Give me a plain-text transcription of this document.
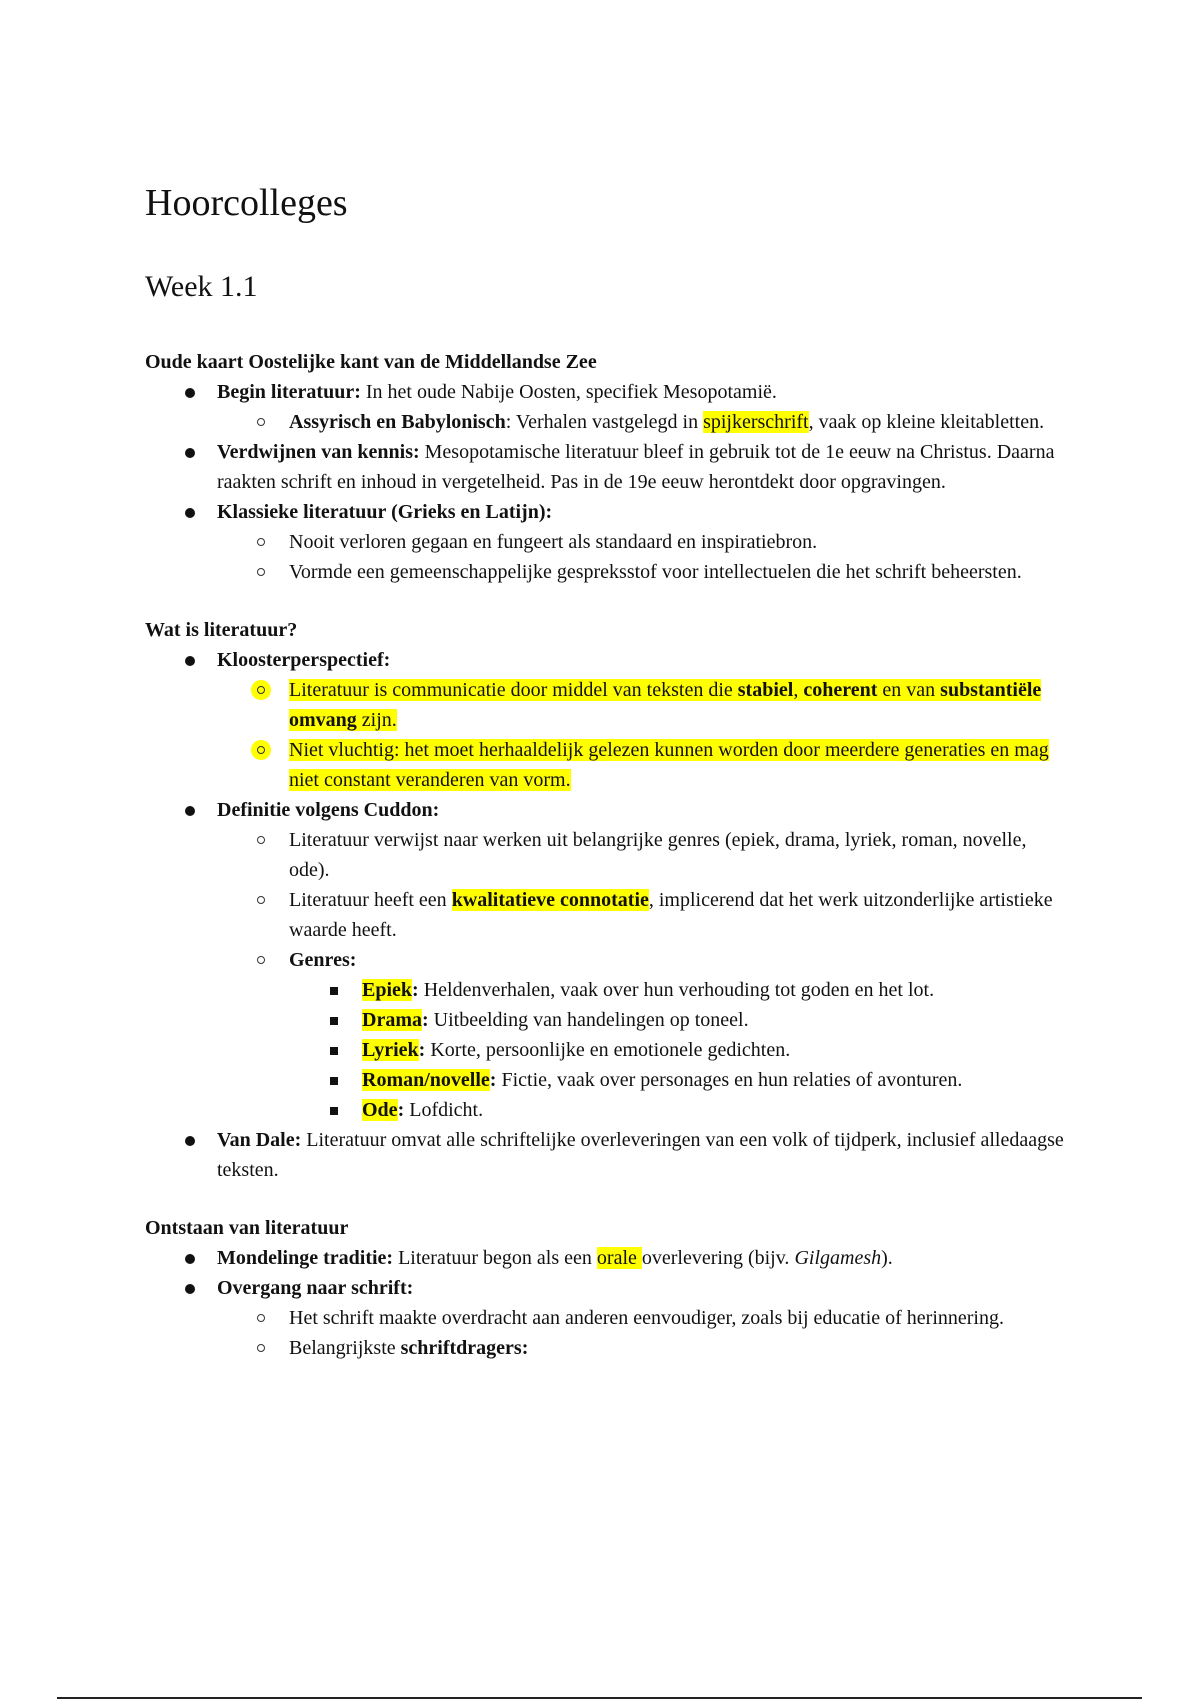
Hoorcolleges
Week 1.1

Oude kaart Oostelijke kant van de Middellandse Zee

Begin literatuur: In het oude Nabije Oosten, specifiek Mesopotamië.
Assyrisch en Babylonisch: Verhalen vastgelegd in spijkerschrift, vaak op kleine kleitabletten.
Verdwijnen van kennis: Mesopotamische literatuur bleef in gebruik tot de 1e eeuw na Christus. Daarna raakten schrift en inhoud in vergetelheid. Pas in de 19e eeuw herontdekt door opgravingen.
Klassieke literatuur (Grieks en Latijn):
Nooit verloren gegaan en fungeert als standaard en inspiratiebron.
Vormde een gemeenschappelijke gespreksstof voor intellectuelen die het schrift beheersten.

Wat is literatuur?

Kloosterperspectief:
Literatuur is communicatie door middel van teksten die stabiel, coherent en van substantiële omvang zijn.
Niet vluchtig: het moet herhaaldelijk gelezen kunnen worden door meerdere generaties en mag niet constant veranderen van vorm.
Definitie volgens Cuddon:
Literatuur verwijst naar werken uit belangrijke genres (epiek, drama, lyriek, roman, novelle, ode).
Literatuur heeft een kwalitatieve connotatie, implicerend dat het werk uitzonderlijke artistieke waarde heeft.
Genres:
Epiek: Heldenverhalen, vaak over hun verhouding tot goden en het lot.
Drama: Uitbeelding van handelingen op toneel.
Lyriek: Korte, persoonlijke en emotionele gedichten.
Roman/novelle: Fictie, vaak over personages en hun relaties of avonturen.
Ode: Lofdicht.
Van Dale: Literatuur omvat alle schriftelijke overleveringen van een volk of tijdperk, inclusief alledaagse teksten.

Ontstaan van literatuur

Mondelinge traditie: Literatuur begon als een orale overlevering (bijv. Gilgamesh).
Overgang naar schrift:
Het schrift maakte overdracht aan anderen eenvoudiger, zoals bij educatie of herinnering.
Belangrijkste schriftdragers:
